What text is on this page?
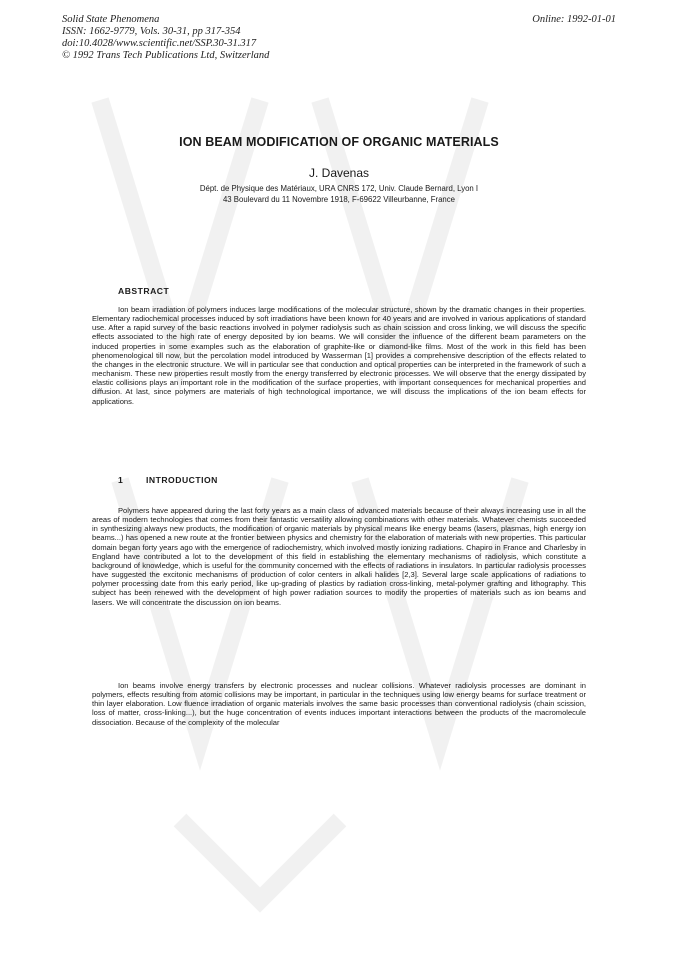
Solid State Phenomena
ISSN: 1662-9779, Vols. 30-31, pp 317-354
doi:10.4028/www.scientific.net/SSP.30-31.317
© 1992 Trans Tech Publications Ltd, Switzerland
Online: 1992-01-01
ION BEAM MODIFICATION OF ORGANIC MATERIALS
J. Davenas
Dépt. de Physique des Matériaux, URA CNRS 172, Univ. Claude Bernard, Lyon I
43 Boulevard du 11 Novembre 1918, F-69622 Villeurbanne, France
ABSTRACT

Ion beam irradiation of polymers induces large modifications of the molecular structure, shown by the dramatic changes in their properties. Elementary radiochemical processes induced by soft irradiations have been known for 40 years and are involved in various applications of standard use. After a rapid survey of the basic reactions involved in polymer radiolysis such as chain scission and cross linking, we will discuss the specific effects associated to the high rate of energy deposited by ion beams. We will consider the influence of the different beam parameters on the induced properties in some examples such as the elaboration of graphite-like or diamond-like films. Most of the work in this field has been phenomenological till now, but the percolation model introduced by Wasserman [1] provides a comprehensive description of the effects related to the changes in the electronic structure. We will in particular see that conduction and optical properties can be interpreted in the framework of such a mechanism. These new properties result mostly from the energy transferred by electronic processes. We will observe that the energy dissipated by elastic collisions plays an important role in the modification of the surface properties, with important consequences for mechanical properties and diffusion. At last, since polymers are materials of high technological importance, we will discuss the implications of the ion beam effects for applications.

1	INTRODUCTION

Polymers have appeared during the last forty years as a main class of advanced materials because of their always increasing use in all the areas of modern technologies that comes from their fantastic versatility allowing combinations with other materials. Whatever chemists succeeded in synthesizing always new products, the modification of organic materials by physical means like energy beams (lasers, plasmas, high energy ion beams...) has opened a new route at the frontier between physics and chemistry for the elaboration of materials with new properties. This particular domain began forty years ago with the emergence of radiochemistry, which involved mostly ionizing radiations. Chapiro in France and Charlesby in England have contributed a lot to the development of this field in establishing the elementary mechanisms of radiolysis, which constitute a background of knowledge, which is useful for the community concerned with the effects of radiations in insulators. In particular radiolysis processes have suggested the excitonic mechanisms of production of color centers in alkali halides [2,3]. Several large scale applications of radiations to polymer processing date from this early period, like up-grading of plastics by radiation cross-linking, metal-polymer grafting and lithography. This subject has been renewed with the development of high power radiation sources to modify the properties of materials such as ion beams and lasers. We will concentrate the discussion on ion beams.

Ion beams involve energy transfers by electronic processes and nuclear collisions. Whatever radiolysis processes are dominant in polymers, effects resulting from atomic collisions may be important, in particular in the techniques using low energy beams for surface treatment or thin layer elaboration. Low fluence irradiation of organic materials involves the same basic processes than conventional radiolysis (chain scission, loss of matter, cross-linking...), but the huge concentration of events induces important interactions between the products of the macromolecule dissociation. Because of the complexity of the molecular
